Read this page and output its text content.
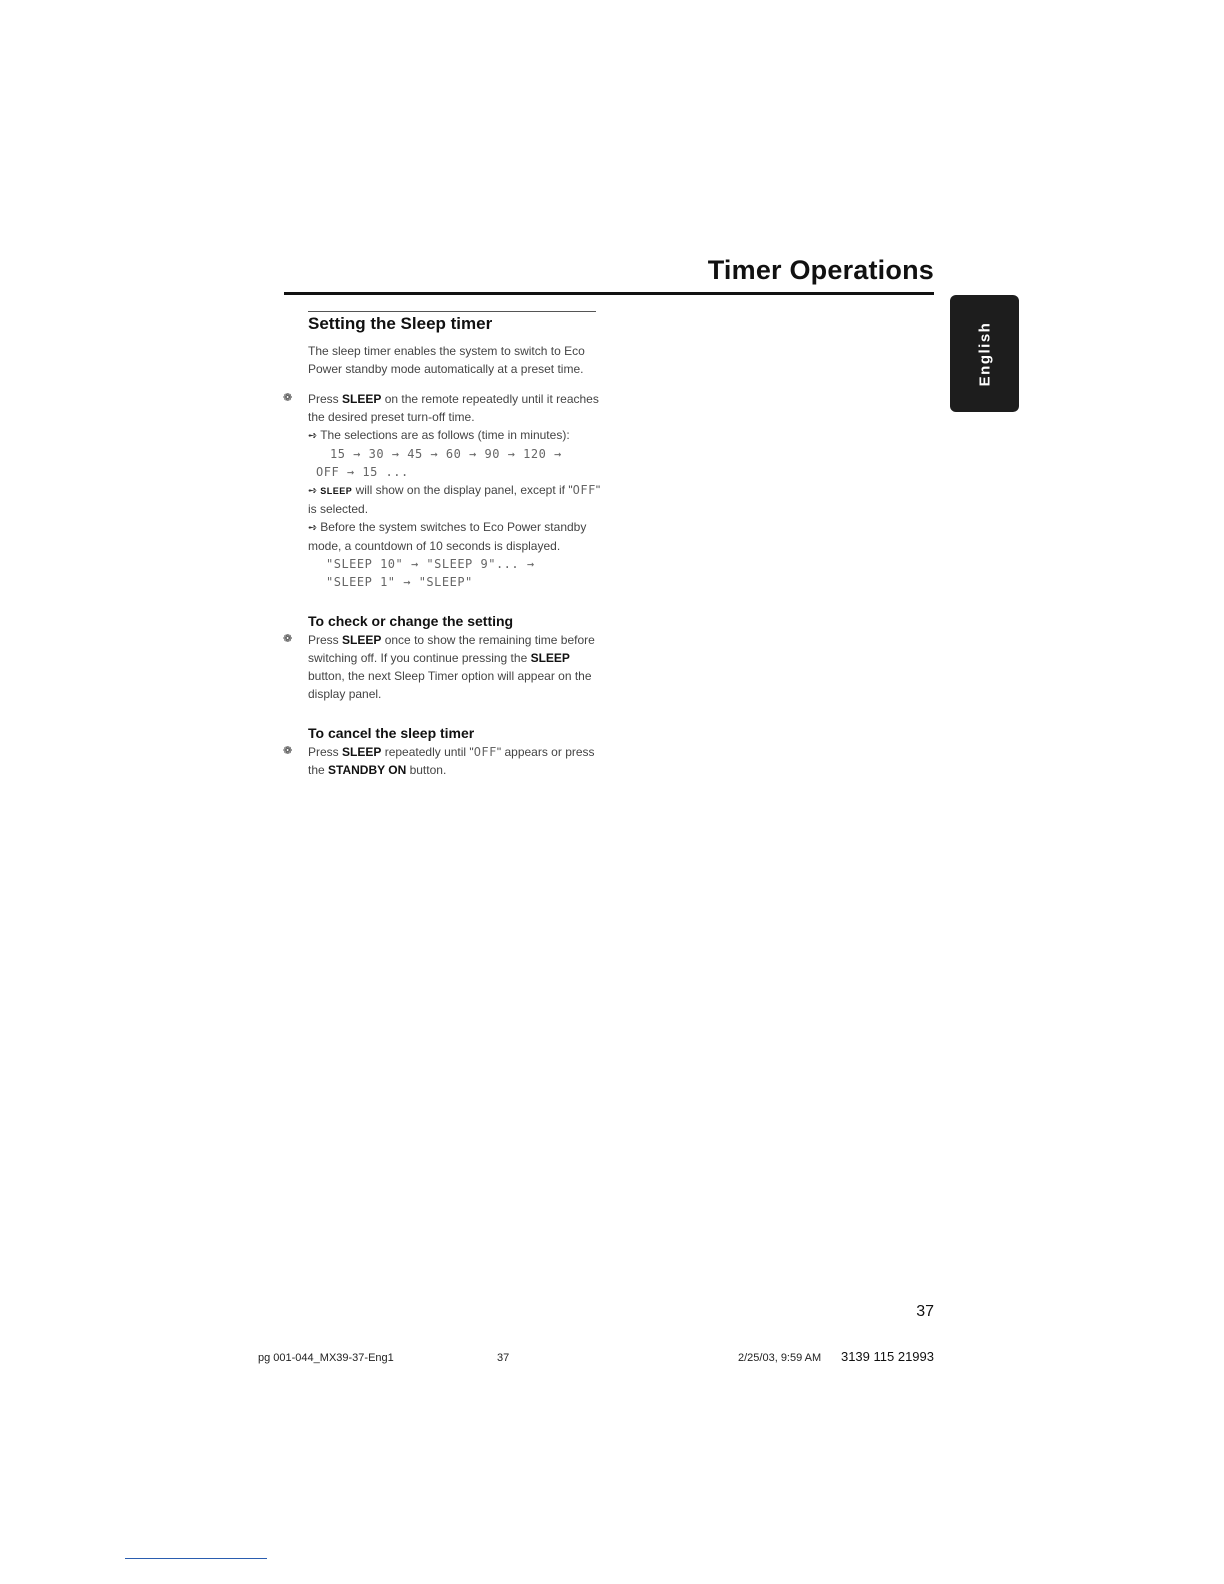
Timer Operations
English
Setting the Sleep timer

The sleep timer enables the system to switch to Eco Power standby mode automatically at a preset time.

❁ Press SLEEP on the remote repeatedly until it reaches the desired preset turn-off time.

➺ The selections are as follows (time in minutes):

15 → 30 → 45 → 60 → 90 → 120 →

OFF → 15 ...

➺ SLEEP will show on the display panel, except if "OFF" is selected.

➺ Before the system switches to Eco Power standby mode, a countdown of 10 seconds is displayed.

"SLEEP 10" → "SLEEP 9"... →

"SLEEP 1" → "SLEEP"

To check or change the setting
❁ Press SLEEP once to show the remaining time before switching off. If you continue pressing the SLEEP button, the next Sleep Timer option will appear on the display panel.

To cancel the sleep timer
❁ Press SLEEP repeatedly until "OFF" appears or press the STANDBY ON button.

37
pg 001-044_MX39-37-Eng1	37	2/25/03, 9:59 AM	3139 115 21993
